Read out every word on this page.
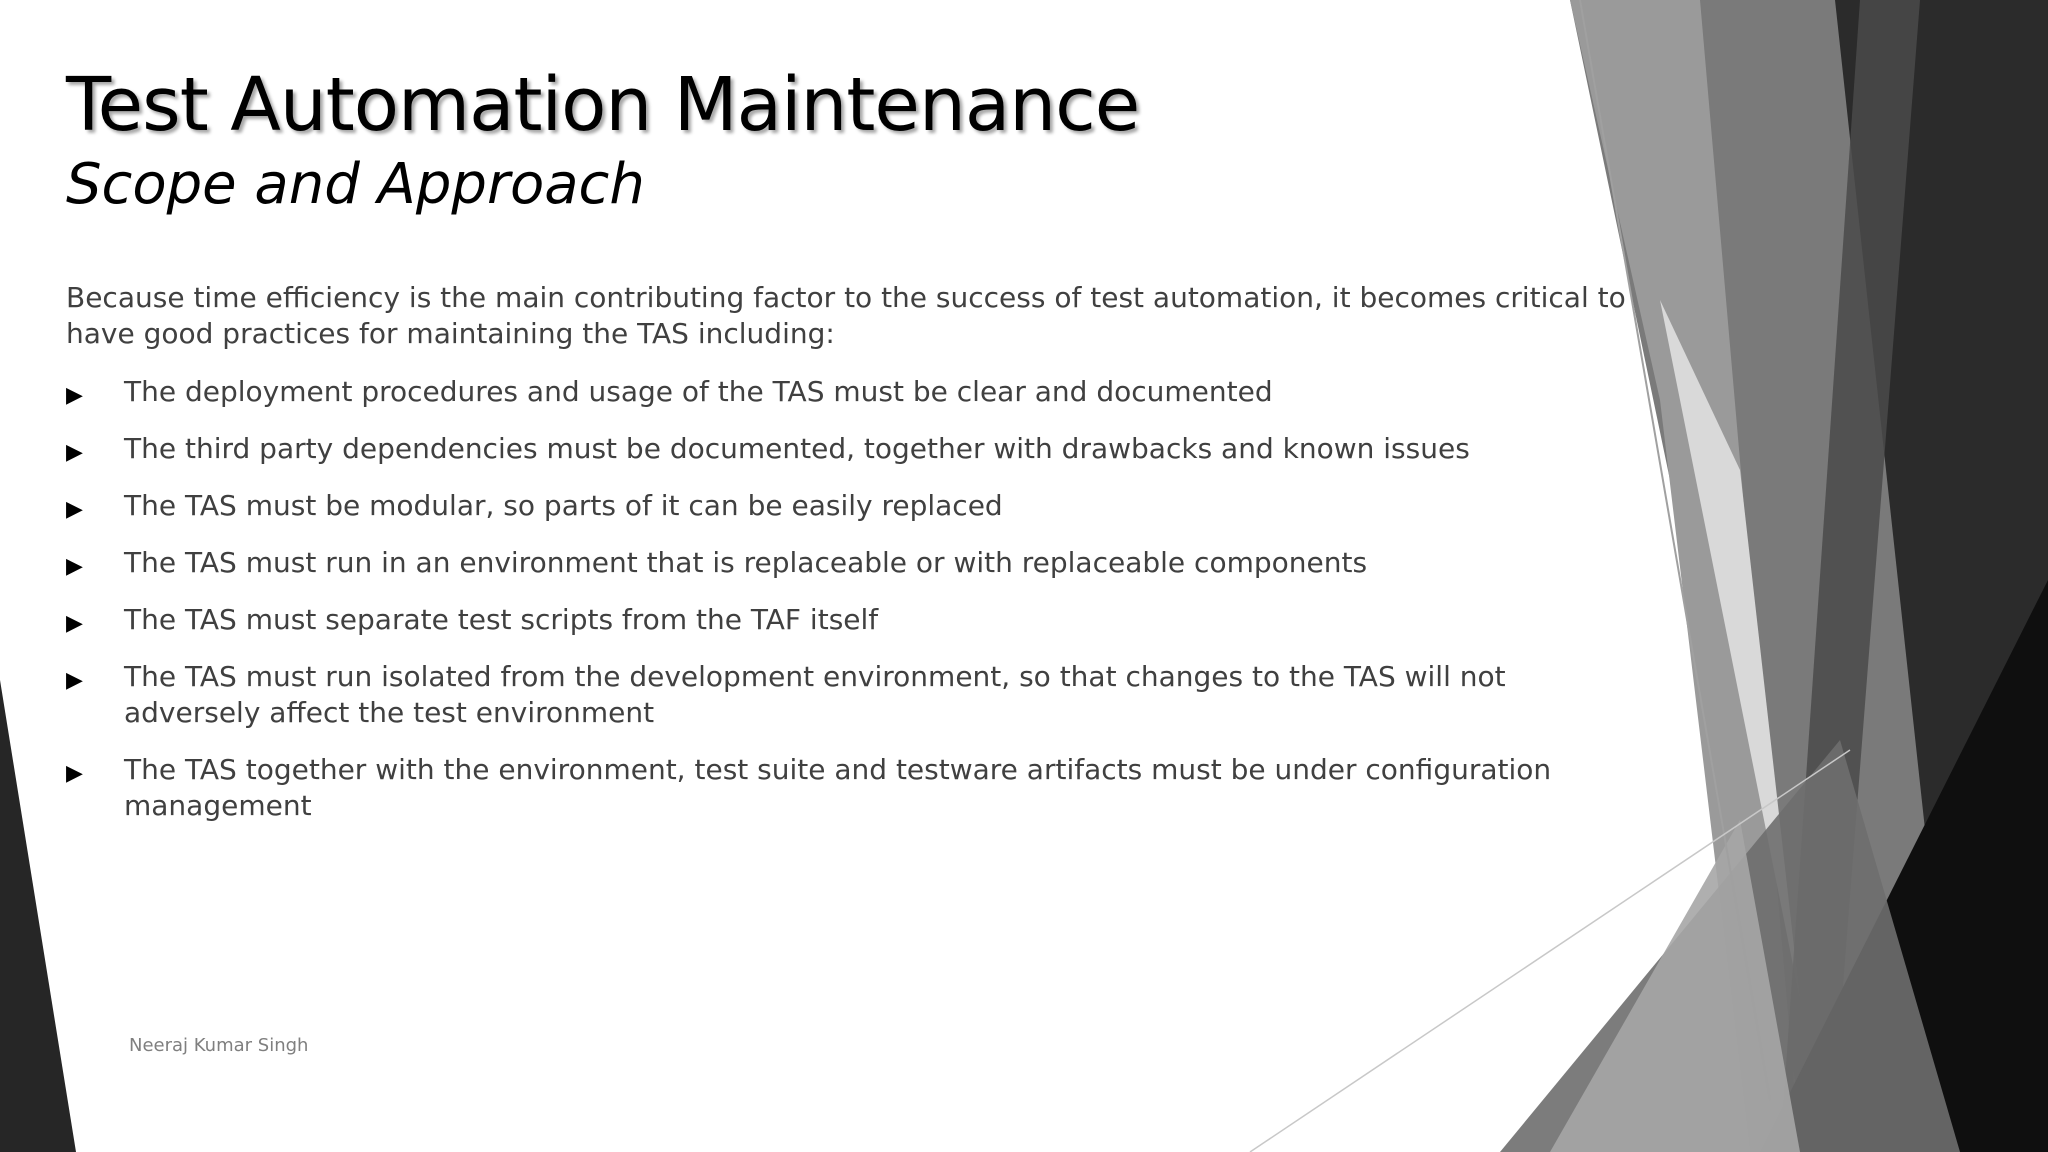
Test Automation Maintenance
Scope and Approach

Because time efficiency is the main contributing factor to the success of test automation, it becomes critical to have good practices for maintaining the TAS including:

▶ The deployment procedures and usage of the TAS must be clear and documented
▶ The third party dependencies must be documented, together with drawbacks and known issues
▶ The TAS must be modular, so parts of it can be easily replaced
▶ The TAS must run in an environment that is replaceable or with replaceable components
▶ The TAS must separate test scripts from the TAF itself
▶ The TAS must run isolated from the development environment, so that changes to the TAS will not adversely affect the test environment
▶ The TAS together with the environment, test suite and testware artifacts must be under configuration management
Neeraj Kumar Singh
